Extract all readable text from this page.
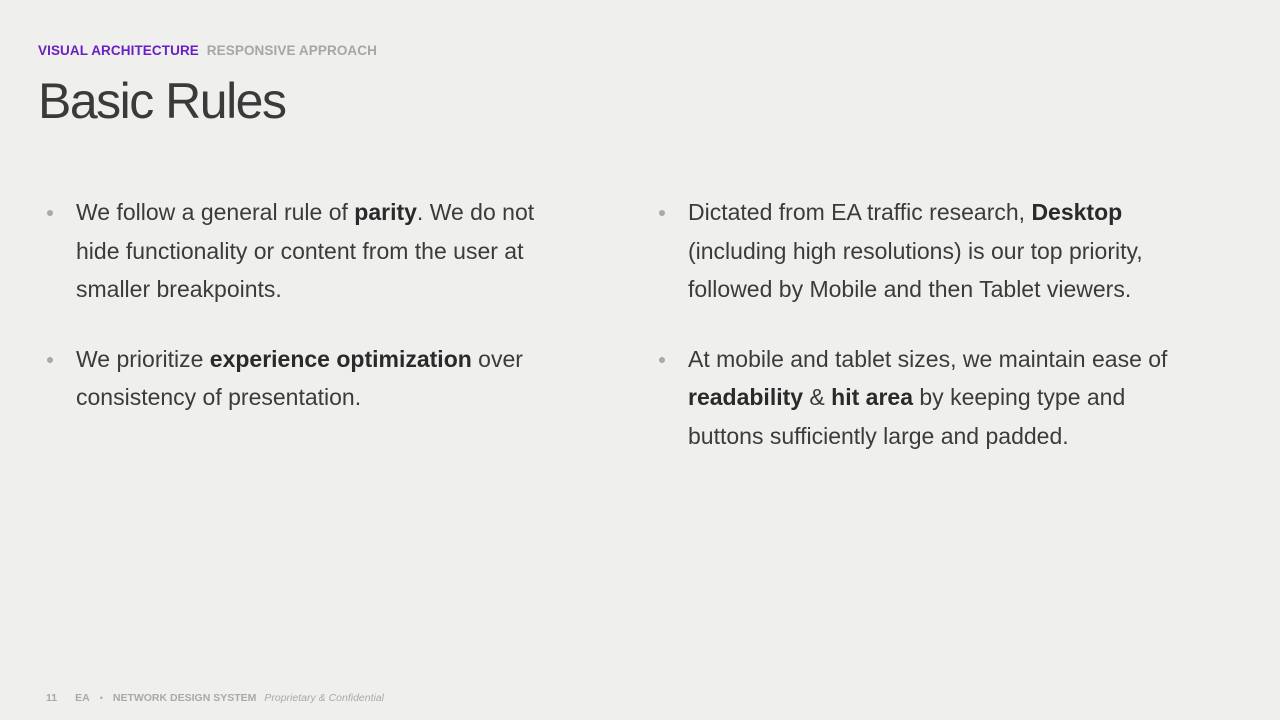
VISUAL ARCHITECTURE RESPONSIVE APPROACH
Basic Rules
We follow a general rule of parity. We do not hide functionality or content from the user at smaller breakpoints.
We prioritize experience optimization over consistency of presentation.
Dictated from EA traffic research, Desktop (including high resolutions) is our top priority, followed by Mobile and then Tablet viewers.
At mobile and tablet sizes, we maintain ease of readability & hit area by keeping type and buttons sufficiently large and padded.
11 EA • NETWORK DESIGN SYSTEM Proprietary & Confidential
